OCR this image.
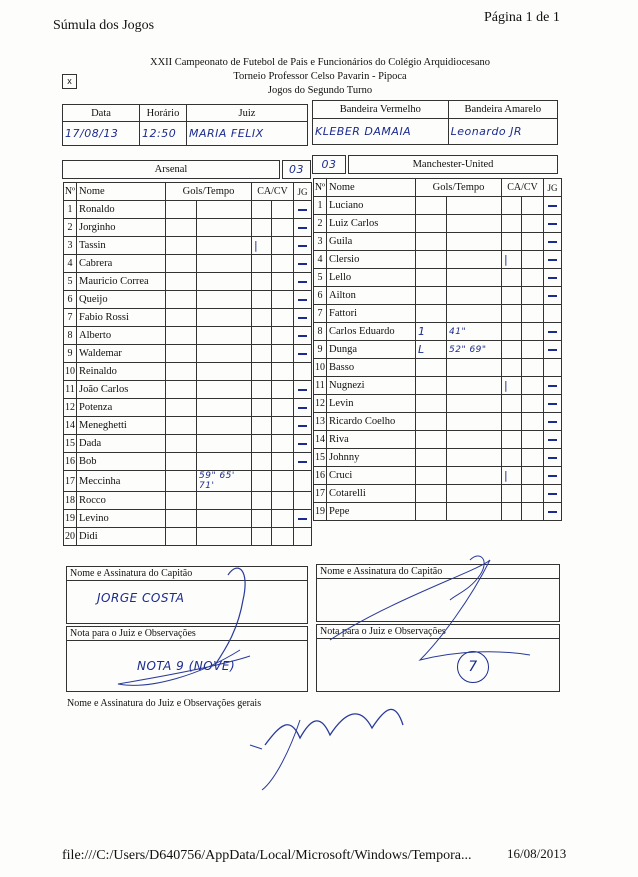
Súmula dos Jogos
Página 1 de 1
XXII Campeonato de Futebol de Pais e Funcionários do Colégio Arquidiocesano
Torneio Professor Celso Pavarin - Pipoca
Jogos do Segundo Turno
x
Data	Horário	Juiz
17/08/13	12:50	MARIA FELIX
Bandeira Vermelho	Bandeira Amarelo
KLEBER DAMAIA	Leonardo JR
Arsenal	03	03	Manchester-United
Nº	Nome	Gols/Tempo		CA/CV		JG
1	Ronaldo					
2	Jorginho					
3	Tassin			|		
4	Cabrera					
5	Mauricio Correa					
6	Queijo					
7	Fabio Rossi					
8	Alberto					
9	Waldemar					
10	Reinaldo					
11	João Carlos					
12	Potenza					
14	Meneghetti					
15	Dada					
16	Bob					
17	Meccinha		59" 65' 71'			
18	Rocco					
19	Levino					
20	Didi					
Nº	Nome	Gols/Tempo		CA/CV		JG
1	Luciano					
2	Luiz Carlos					
3	Guila					
4	Clersio			|		
5	Lello					
6	Ailton					
7	Fattori					
8	Carlos Eduardo	1	41"			
9	Dunga	L	52" 69"			
10	Basso					
11	Nugnezi			|		
12	Levin					
13	Ricardo Coelho					
14	Riva					
15	Johnny					
16	Cruci			|		
17	Cotarelli					
19	Pepe					
Nome e Assinatura do Capitão
JORGE COSTA
Nota para o Juiz e Observações
NOTA 9 (NOVE)
Nome e Assinatura do Capitão
Nota para o Juiz e Observações
7
Nome e Assinatura do Juiz e Observações gerais
file:///C:/Users/D640756/AppData/Local/Microsoft/Windows/Tempora...	16/08/2013
